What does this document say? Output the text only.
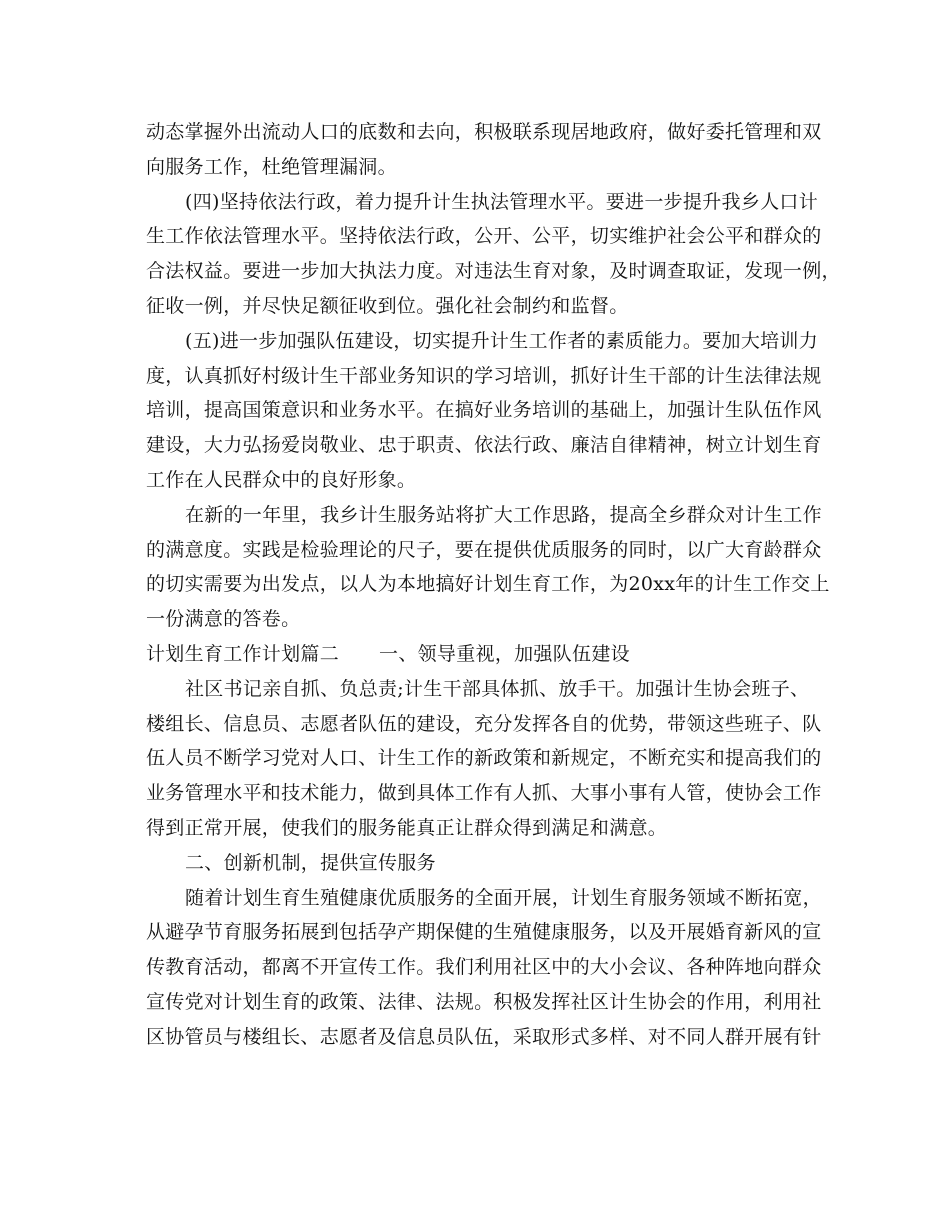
动态掌握外出流动人口的底数和去向，积极联系现居地政府，做好委托管理和双
向服务工作，杜绝管理漏洞。
(四)坚持依法行政，着力提升计生执法管理水平。要进一步提升我乡人口计
生工作依法管理水平。坚持依法行政，公开、公平，切实维护社会公平和群众的
合法权益。要进一步加大执法力度。对违法生育对象，及时调查取证，发现一例，
征收一例，并尽快足额征收到位。强化社会制约和监督。
(五)进一步加强队伍建设，切实提升计生工作者的素质能力。要加大培训力
度，认真抓好村级计生干部业务知识的学习培训，抓好计生干部的计生法律法规
培训，提高国策意识和业务水平。在搞好业务培训的基础上，加强计生队伍作风
建设，大力弘扬爱岗敬业、忠于职责、依法行政、廉洁自律精神，树立计划生育
工作在人民群众中的良好形象。
在新的一年里，我乡计生服务站将扩大工作思路，提高全乡群众对计生工作
的满意度。实践是检验理论的尺子，要在提供优质服务的同时，以广大育龄群众
的切实需要为出发点，以人为本地搞好计划生育工作，为20xx年的计生工作交上
一份满意的答卷。
计划生育工作计划篇二 一、领导重视，加强队伍建设
社区书记亲自抓、负总责;计生干部具体抓、放手干。加强计生协会班子、
楼组长、信息员、志愿者队伍的建设，充分发挥各自的优势，带领这些班子、队
伍人员不断学习党对人口、计生工作的新政策和新规定，不断充实和提高我们的
业务管理水平和技术能力，做到具体工作有人抓、大事小事有人管，使协会工作
得到正常开展，使我们的服务能真正让群众得到满足和满意。
二、创新机制，提供宣传服务
随着计划生育生殖健康优质服务的全面开展，计划生育服务领域不断拓宽，
从避孕节育服务拓展到包括孕产期保健的生殖健康服务，以及开展婚育新风的宣
传教育活动，都离不开宣传工作。我们利用社区中的大小会议、各种阵地向群众
宣传党对计划生育的政策、法律、法规。积极发挥社区计生协会的作用，利用社
区协管员与楼组长、志愿者及信息员队伍，采取形式多样、对不同人群开展有针
